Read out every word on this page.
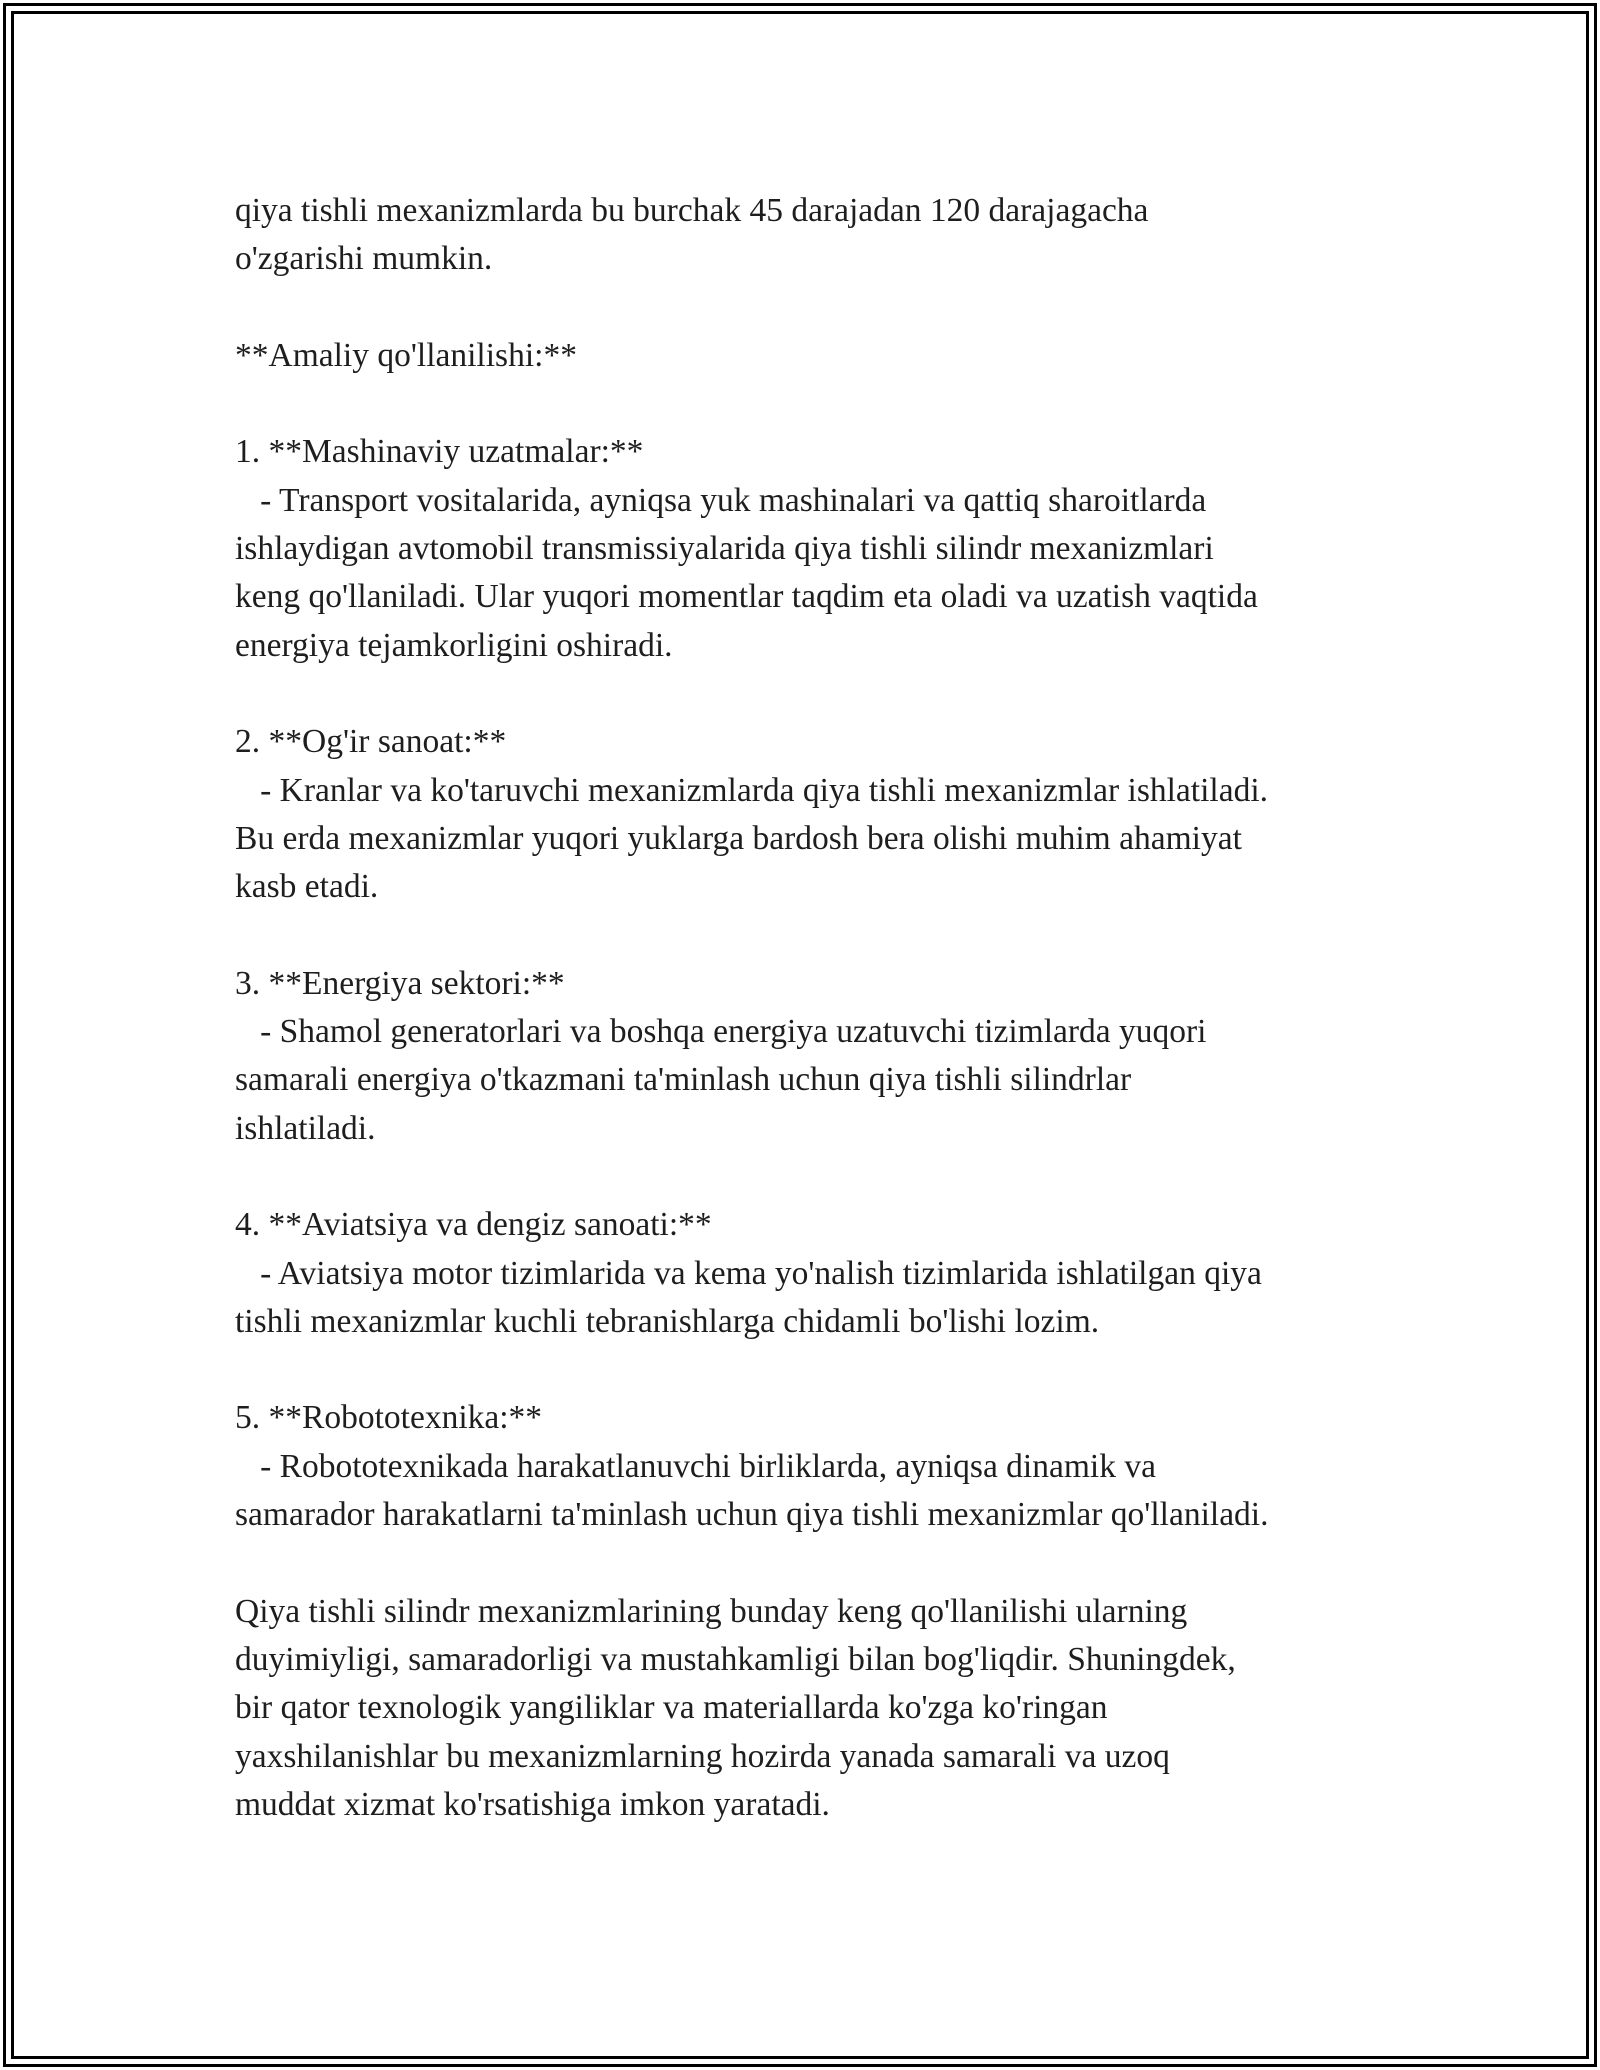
qiya tishli mexanizmlarda bu burchak 45 darajadan 120 darajagacha
o'zgarishi mumkin.
**Amaliy qo'llanilishi:**
1. **Mashinaviy uzatmalar:**
- Transport vositalarida, ayniqsa yuk mashinalari va qattiq sharoitlarda
ishlaydigan avtomobil transmissiyalarida qiya tishli silindr mexanizmlari
keng qo'llaniladi. Ular yuqori momentlar taqdim eta oladi va uzatish vaqtida
energiya tejamkorligini oshiradi.
2. **Og'ir sanoat:**
- Kranlar va ko'taruvchi mexanizmlarda qiya tishli mexanizmlar ishlatiladi.
Bu erda mexanizmlar yuqori yuklarga bardosh bera olishi muhim ahamiyat
kasb etadi.
3. **Energiya sektori:**
- Shamol generatorlari va boshqa energiya uzatuvchi tizimlarda yuqori
samarali energiya o'tkazmani ta'minlash uchun qiya tishli silindrlar
ishlatiladi.
4. **Aviatsiya va dengiz sanoati:**
- Aviatsiya motor tizimlarida va kema yo'nalish tizimlarida ishlatilgan qiya
tishli mexanizmlar kuchli tebranishlarga chidamli bo'lishi lozim.
5. **Robototexnika:**
- Robototexnikada harakatlanuvchi birliklarda, ayniqsa dinamik va
samarador harakatlarni ta'minlash uchun qiya tishli mexanizmlar qo'llaniladi.
Qiya tishli silindr mexanizmlarining bunday keng qo'llanilishi ularning
duyimiyligi, samaradorligi va mustahkamligi bilan bog'liqdir. Shuningdek,
bir qator texnologik yangiliklar va materiallarda ko'zga ko'ringan
yaxshilanishlar bu mexanizmlarning hozirda yanada samarali va uzoq
muddat xizmat ko'rsatishiga imkon yaratadi.
